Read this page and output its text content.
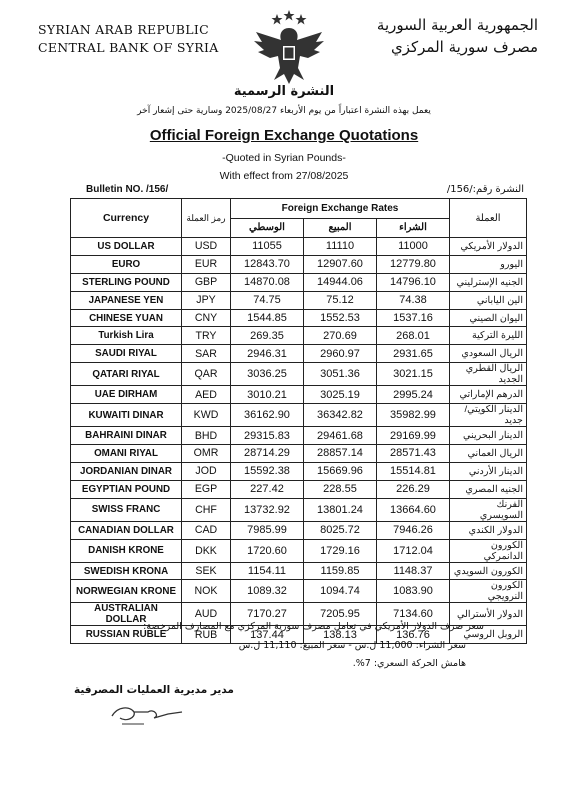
SYRIAN ARAB REPUBLIC
CENTRAL BANK OF SYRIA
الجمهورية العربية السورية
مصرف سورية المركزي
النشرة الرسمية
يعمل بهذه النشرة اعتباراً من يوم الأربعاء 2025/08/27 وسارية حتى إشعار آخر
Official Foreign Exchange Quotations
-Quoted in Syrian Pounds-
With effect from 27/08/2025
Bulletin NO. /156/	النشرة رقم:/156/
Currency	رمز العملة	Foreign Exchange Rates			العملة
		الوسطي	المبيع	الشراء	
US DOLLAR	USD	11055	11110	11000	الدولار الأمريكي
EURO	EUR	12843.70	12907.60	12779.80	اليورو
STERLING POUND	GBP	14870.08	14944.06	14796.10	الجنيه الإسترليني
JAPANESE YEN	JPY	74.75	75.12	74.38	الين الياباني
CHINESE YUAN	CNY	1544.85	1552.53	1537.16	اليوان الصيني
Turkish Lira	TRY	269.35	270.69	268.01	الليرة التركية
SAUDI RIYAL	SAR	2946.31	2960.97	2931.65	الريال السعودي
QATARI RIYAL	QAR	3036.25	3051.36	3021.15	الريال القطري الجديد
UAE DIRHAM	AED	3010.21	3025.19	2995.24	الدرهم الإماراتي
KUWAITI DINAR	KWD	36162.90	36342.82	35982.99	الدينار الكويتي/ جديد
BAHRAINI DINAR	BHD	29315.83	29461.68	29169.99	الدينار البحريني
OMANI RIYAL	OMR	28714.29	28857.14	28571.43	الريال العماني
JORDANIAN DINAR	JOD	15592.38	15669.96	15514.81	الدينار الأردني
EGYPTIAN POUND	EGP	227.42	228.55	226.29	الجنيه المصري
SWISS FRANC	CHF	13732.92	13801.24	13664.60	الفرنك السويسري
CANADIAN DOLLAR	CAD	7985.99	8025.72	7946.26	الدولار الكندي
DANISH KRONE	DKK	1720.60	1729.16	1712.04	الكورون الدانمركي
SWEDISH KRONA	SEK	1154.11	1159.85	1148.37	الكورون السويدي
NORWEGIAN KRONE	NOK	1089.32	1094.74	1083.90	الكورون النرويجي
AUSTRALIAN DOLLAR	AUD	7170.27	7205.95	7134.60	الدولار الأسترالي
RUSSIAN RUBLE	RUB	137.44	138.13	136.76	الروبل الروسي
سعر صرف الدولار الأمريكي في تعامل مصرف سورية المركزي مع المصارف المرخصة:
سعر الشراء: 11,000 ل.س - سعر المبيع: 11,110 ل.س
هامش الحركة السعري: 7%.
مدير مديرية العمليات المصرفية
